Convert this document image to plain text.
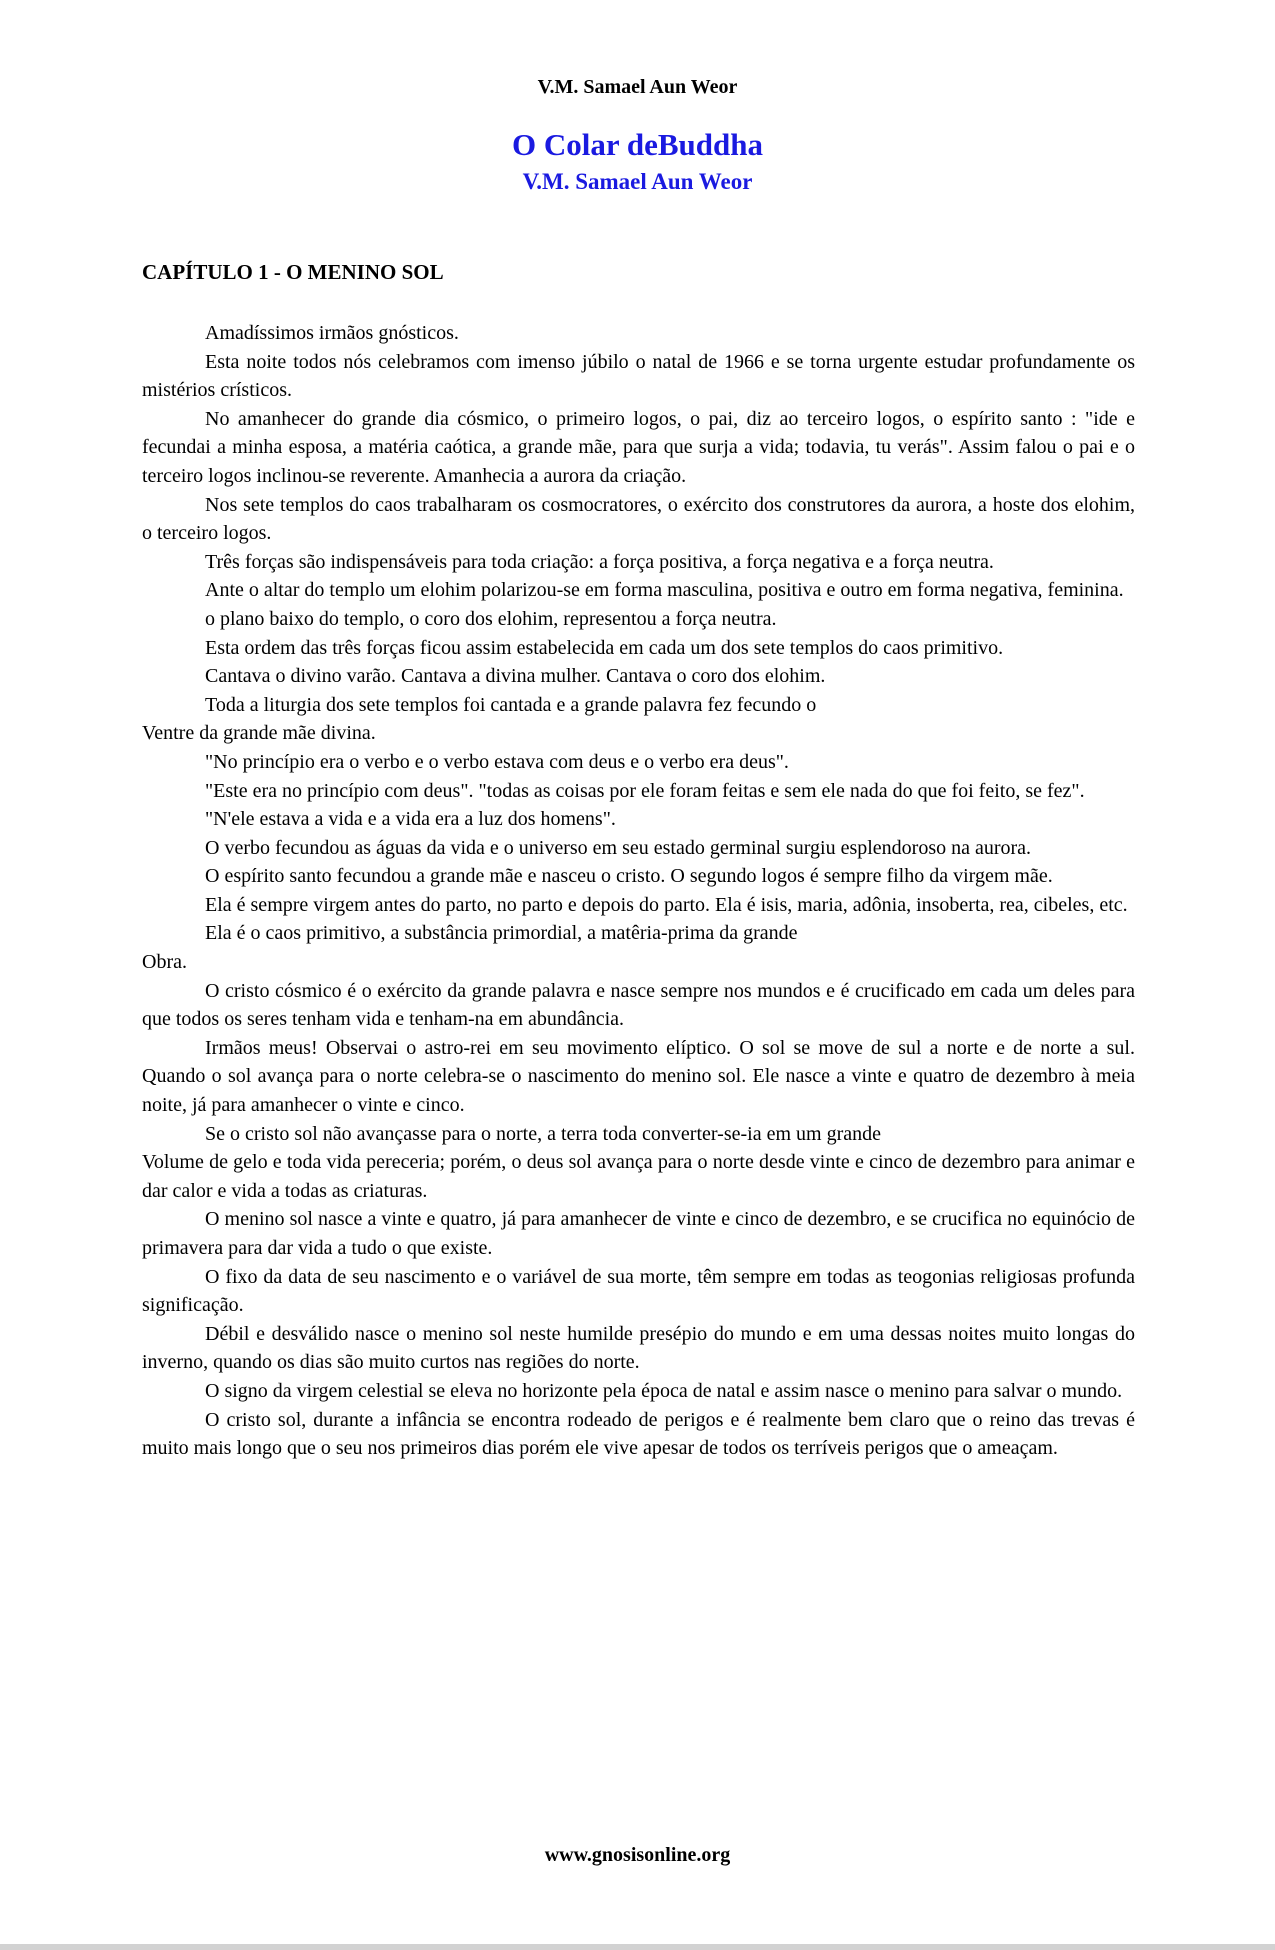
V.M. Samael Aun Weor
O Colar deBuddha
V.M. Samael Aun Weor
CAPÍTULO 1 - O MENINO SOL

Amadíssimos irmãos gnósticos.

Esta noite todos nós celebramos com imenso júbilo o natal de 1966 e se torna urgente estudar profundamente os mistérios crísticos.

No amanhecer do grande dia cósmico, o primeiro logos, o pai, diz ao terceiro logos, o espírito santo : "ide e fecundai a minha esposa, a matéria caótica, a grande mãe, para que surja a vida; todavia, tu verás". Assim falou o pai e o terceiro logos inclinou-se reverente. Amanhecia a aurora da criação.

Nos sete templos do caos trabalharam os cosmocratores, o exército dos construtores da aurora, a hoste dos elohim, o terceiro logos.

Três forças são indispensáveis para toda criação: a força positiva, a força negativa e a força neutra.

Ante o altar do templo um elohim polarizou-se em forma masculina, positiva e outro em forma negativa, feminina.

o plano baixo do templo, o coro dos elohim, representou a força neutra.

Esta ordem das três forças ficou assim estabelecida em cada um dos sete templos do caos primitivo.

Cantava o divino varão. Cantava a divina mulher. Cantava o coro dos elohim.

Toda a liturgia dos sete templos foi cantada e a grande palavra fez fecundo o

Ventre da grande mãe divina.

"No princípio era o verbo e o verbo estava com deus e o verbo era deus".

"Este era no princípio com deus". "todas as coisas por ele foram feitas e sem ele nada do que foi feito, se fez".

"N'ele estava a vida e a vida era a luz dos homens".

O verbo fecundou as águas da vida e o universo em seu estado germinal surgiu esplendoroso na aurora.

O espírito santo fecundou a grande mãe e nasceu o cristo. O segundo logos é sempre filho da virgem mãe.

Ela é sempre virgem antes do parto, no parto e depois do parto. Ela é isis, maria, adônia, insoberta, rea, cibeles, etc.

Ela é o caos primitivo, a substância primordial, a matêria-prima da grande

Obra.

O cristo cósmico é o exército da grande palavra e nasce sempre nos mundos e é crucificado em cada um deles para que todos os seres tenham vida e tenham-na em abundância.

Irmãos meus! Observai o astro-rei em seu movimento elíptico. O sol se move de sul a norte e de norte a sul. Quando o sol avança para o norte celebra-se o nascimento do menino sol. Ele nasce a vinte e quatro de dezembro à meia noite, já para amanhecer o vinte e cinco.

Se o cristo sol não avançasse para o norte, a terra toda converter-se-ia em um grande

Volume de gelo e toda vida pereceria; porém, o deus sol avança para o norte desde vinte e cinco de dezembro para animar e dar calor e vida a todas as criaturas.

O menino sol nasce a vinte e quatro, já para amanhecer de vinte e cinco de dezembro, e se crucifica no equinócio de primavera para dar vida a tudo o que existe.

O fixo da data de seu nascimento e o variável de sua morte, têm sempre em todas as teogonias religiosas profunda significação.

Débil e desválido nasce o menino sol neste humilde presépio do mundo e em uma dessas noites muito longas do inverno, quando os dias são muito curtos nas regiões do norte.

O signo da virgem celestial se eleva no horizonte pela época de natal e assim nasce o menino para salvar o mundo.

O cristo sol, durante a infância se encontra rodeado de perigos e é realmente bem claro que o reino das trevas é muito mais longo que o seu nos primeiros dias porém ele vive apesar de todos os terríveis perigos que o ameaçam.

www.gnosisonline.org
